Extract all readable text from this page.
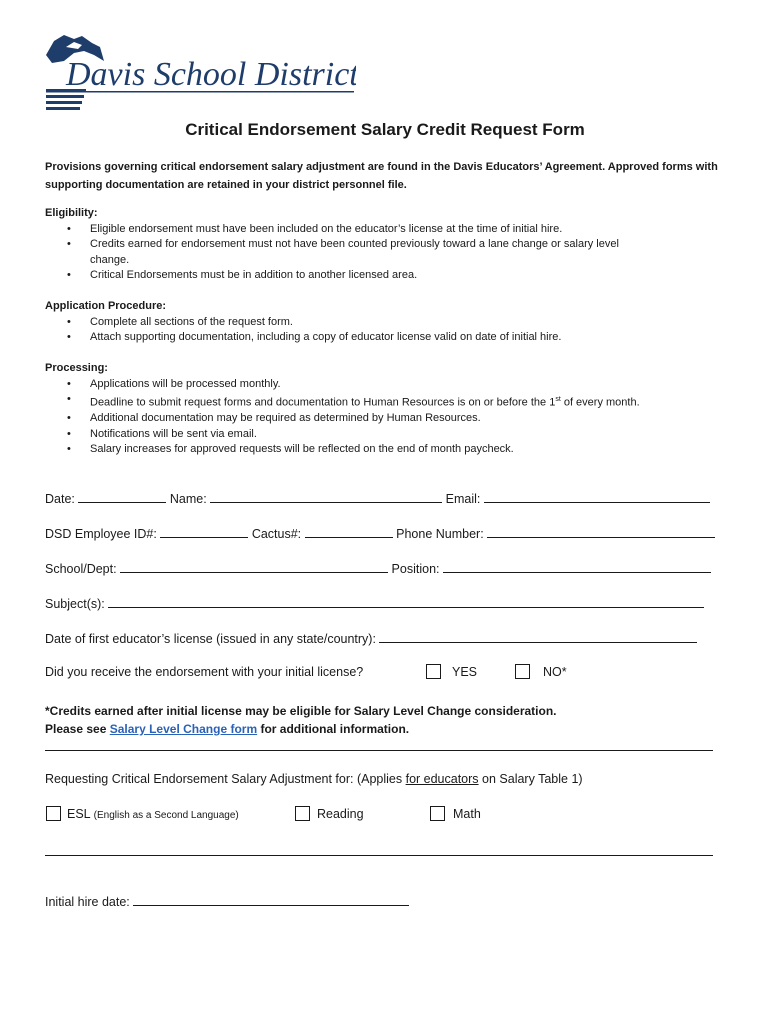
Davis School District
Critical Endorsement Salary Credit Request Form
Provisions governing critical endorsement salary adjustment are found in the Davis Educators’ Agreement. Approved forms with supporting documentation are retained in your district personnel file.
Eligibility:
• Eligible endorsement must have been included on the educator’s license at the time of initial hire.
• Credits earned for endorsement must not have been counted previously toward a lane change or salary level change.
• Critical Endorsements must be in addition to another licensed area.
Application Procedure:
• Complete all sections of the request form.
• Attach supporting documentation, including a copy of educator license valid on date of initial hire.
Processing:
• Applications will be processed monthly.
• Deadline to submit request forms and documentation to Human Resources is on or before the 1st of every month.
• Additional documentation may be required as determined by Human Resources.
• Notifications will be sent via email.
• Salary increases for approved requests will be reflected on the end of month paycheck.
Date:	Name:	Email:
DSD Employee ID#:	Cactus#:	Phone Number:
School/Dept:	Position:
Subject(s):
Date of first educator’s license (issued in any state/country):
Did you receive the endorsement with your initial license?	YES	NO*
*Credits earned after initial license may be eligible for Salary Level Change consideration.
Please see Salary Level Change form for additional information.
Requesting Critical Endorsement Salary Adjustment for: (Applies for educators on Salary Table 1)
ESL (English as a Second Language)	Reading	Math
Initial hire date:
